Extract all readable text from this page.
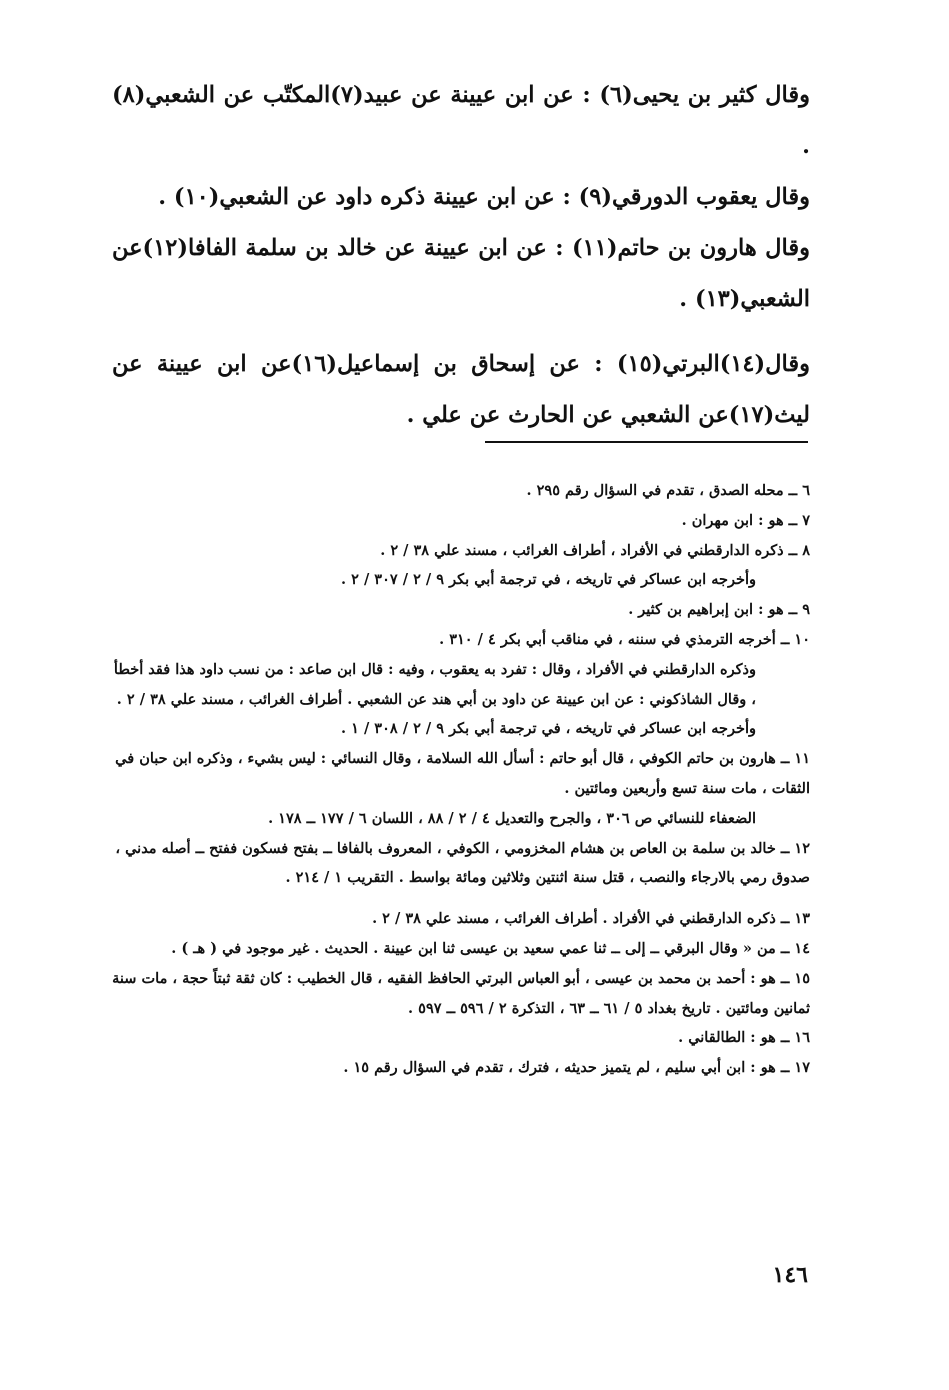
وقال كثير بن يحيى(٦) : عن ابن عيينة عن عبيد(٧)المكتّب عن الشعبي(٨) .

وقال يعقوب الدورقي(٩) : عن ابن عيينة ذكره داود عن الشعبي(١٠) .

وقال هارون بن حاتم(١١) : عن ابن عيينة عن خالد بن سلمة الفافا(١٢)عن الشعبي(١٣) .

وقال(١٤)البرتي(١٥) : عن إسحاق بن إسماعيل(١٦)عن ابن عيينة عن ليث(١٧)عن الشعبي عن الحارث عن علي .

٦ ــ محله الصدق ، تقدم في السؤال رقم ٢٩٥ .

٧ ــ هو : ابن مهران .

٨ ــ ذكره الدارقطني في الأفراد ، أطراف الغرائب ، مسند علي ٣٨ / ٢ .

وأخرجه ابن عساكر في تاريخه ، في ترجمة أبي بكر ٩ / ٢ / ٣٠٧ / ٢ .

٩ ــ هو : ابن إبراهيم بن كثير .

١٠ ــ أخرجه الترمذي في سننه ، في مناقب أبي بكر ٤ / ٣١٠ .

وذكره الدارقطني في الأفراد ، وقال : تفرد به يعقوب ، وفيه : قال ابن صاعد : من نسب داود هذا فقد أخطأ ، وقال الشاذكوني : عن ابن عيينة عن داود بن أبي هند عن الشعبي . أطراف الغرائب ، مسند علي ٣٨ / ٢ .

وأخرجه ابن عساكر في تاريخه ، في ترجمة أبي بكر ٩ / ٢ / ٣٠٨ / ١ .

١١ ــ هارون بن حاتم الكوفي ، قال أبو حاتم : أسأل الله السلامة ، وقال النسائي : ليس بشيء ، وذكره ابن حبان في الثقات ، مات سنة تسع وأربعين ومائتين .

الضعفاء للنسائي ص ٣٠٦ ، والجرح والتعديل ٤ / ٢ / ٨٨ ، اللسان ٦ / ١٧٧ ــ ١٧٨ .

١٢ ــ خالد بن سلمة بن العاص بن هشام المخزومي ، الكوفي ، المعروف بالفافا ــ بفتح فسكون ففتح ــ أصله مدني ، صدوق رمي بالارجاء والنصب ، قتل سنة اثنتين وثلاثين ومائة بواسط . التقريب ١ / ٢١٤ .

١٣ ــ ذكره الدارقطني في الأفراد . أطراف الغرائب ، مسند علي ٣٨ / ٢ .

١٤ ــ من « وقال البرقي ــ إلى ــ ثنا عمي سعيد بن عيسى ثنا ابن عيينة . الحديث . غير موجود في ( هـ ) .

١٥ ــ هو : أحمد بن محمد بن عيسى ، أبو العباس البرتي الحافظ الفقيه ، قال الخطيب : كان ثقة ثبتاً حجة ، مات سنة ثمانين ومائتين . تاريخ بغداد ٥ / ٦١ ــ ٦٣ ، التذكرة ٢ / ٥٩٦ ــ ٥٩٧ .

١٦ ــ هو : الطالقاني .

١٧ ــ هو : ابن أبي سليم ، لم يتميز حديثه ، فترك ، تقدم في السؤال رقم ١٥ .

١٤٦
